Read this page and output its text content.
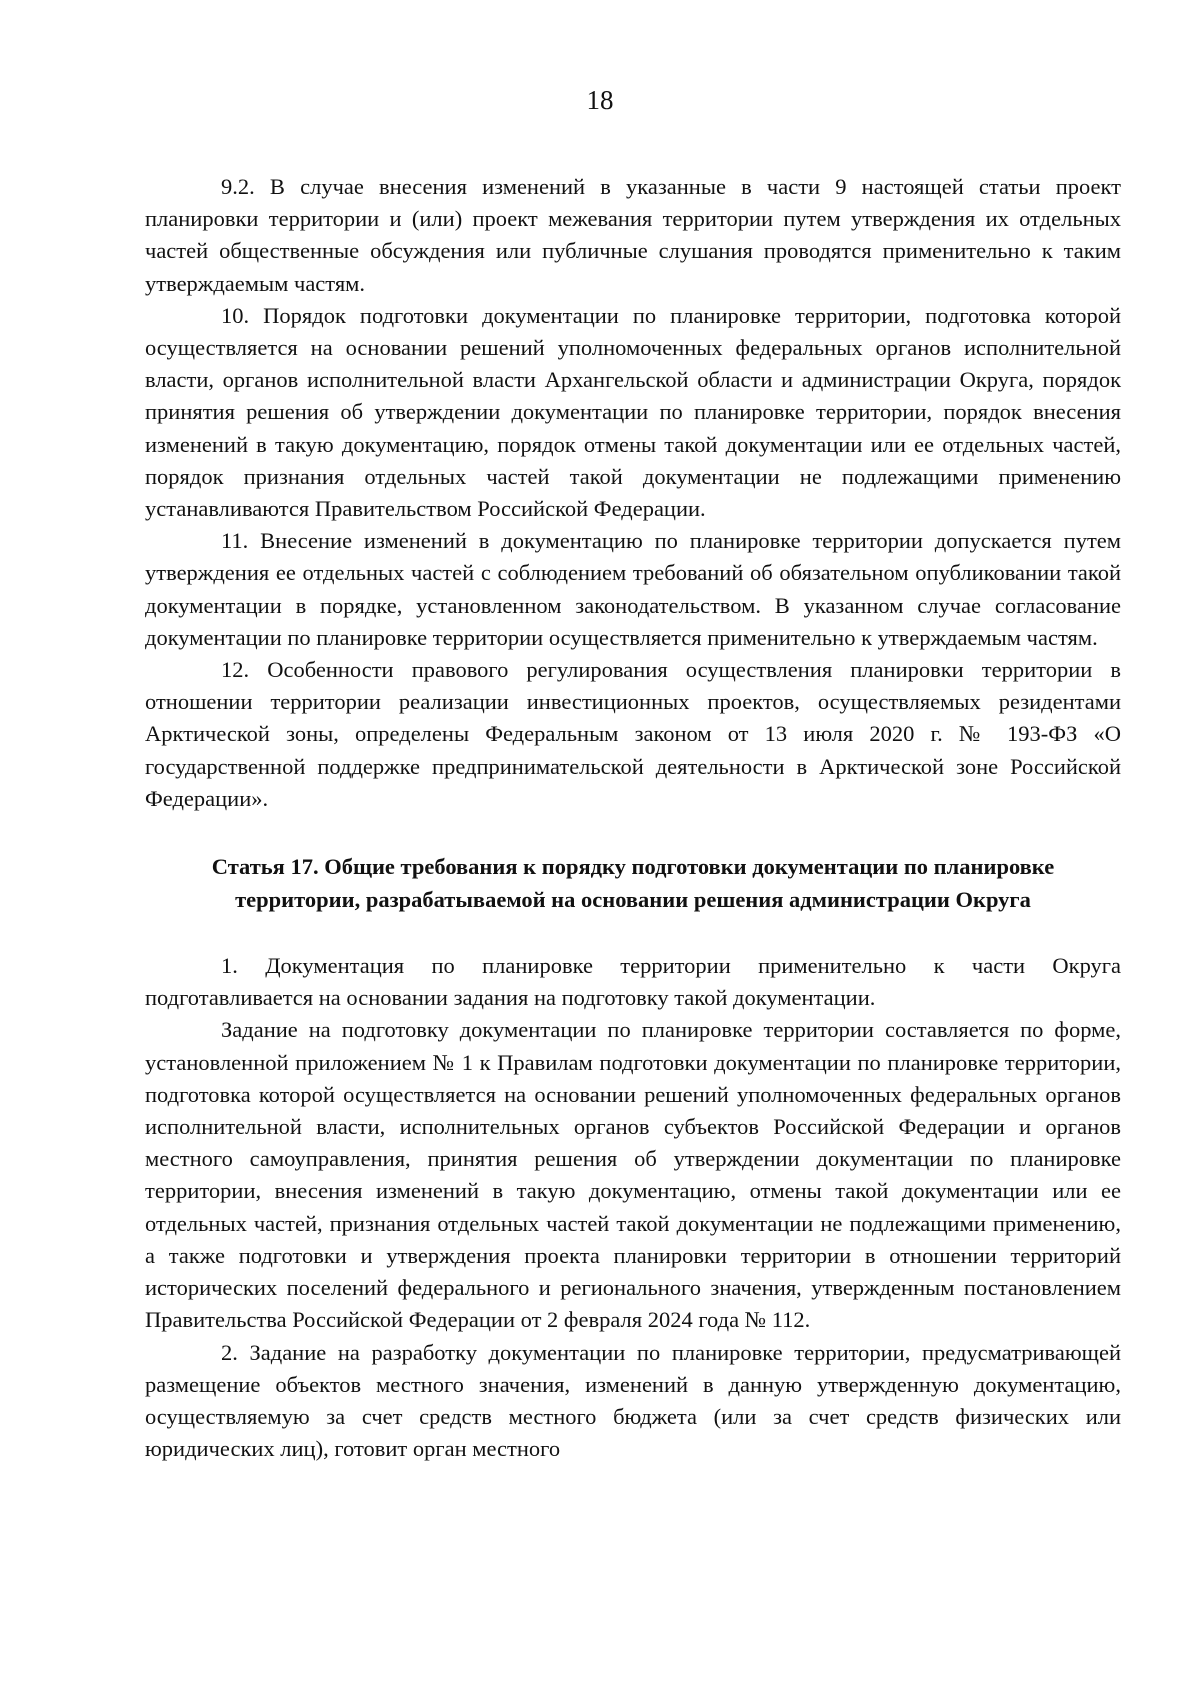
18

9.2. В случае внесения изменений в указанные в части 9 настоящей статьи проект планировки территории и (или) проект межевания территории путем утверждения их отдельных частей общественные обсуждения или публичные слушания проводятся применительно к таким утверждаемым частям.

10. Порядок подготовки документации по планировке территории, подготовка которой осуществляется на основании решений уполномоченных федеральных органов исполнительной власти, органов исполнительной власти Архангельской области и администрации Округа, порядок принятия решения об утверждении документации по планировке территории, порядок внесения изменений в такую документацию, порядок отмены такой документации или ее отдельных частей, порядок признания отдельных частей такой документации не подлежащими применению устанавливаются Правительством Российской Федерации.

11. Внесение изменений в документацию по планировке территории допускается путем утверждения ее отдельных частей с соблюдением требований об обязательном опубликовании такой документации в порядке, установленном законодательством. В указанном случае согласование документации по планировке территории осуществляется применительно к утверждаемым частям.

12. Особенности правового регулирования осуществления планировки территории в отношении территории реализации инвестиционных проектов, осуществляемых резидентами Арктической зоны, определены Федеральным законом от 13 июля 2020 г. № 193-ФЗ «О государственной поддержке предпринимательской деятельности в Арктической зоне Российской Федерации».

Статья 17. Общие требования к порядку подготовки документации по планировке
территории, разрабатываемой на основании решения администрации Округа

1. Документация по планировке территории применительно к части Округа подготавливается на основании задания на подготовку такой документации.

Задание на подготовку документации по планировке территории составляется по форме, установленной приложением № 1 к Правилам подготовки документации по планировке территории, подготовка которой осуществляется на основании решений уполномоченных федеральных органов исполнительной власти, исполнительных органов субъектов Российской Федерации и органов местного самоуправления, принятия решения об утверждении документации по планировке территории, внесения изменений в такую документацию, отмены такой документации или ее отдельных частей, признания отдельных частей такой документации не подлежащими применению, а также подготовки и утверждения проекта планировки территории в отношении территорий исторических поселений федерального и регионального значения, утвержденным постановлением Правительства Российской Федерации от 2 февраля 2024 года № 112.

2. Задание на разработку документации по планировке территории, предусматривающей размещение объектов местного значения, изменений в данную утвержденную документацию, осуществляемую за счет средств местного бюджета (или за счет средств физических или юридических лиц), готовит орган местного
